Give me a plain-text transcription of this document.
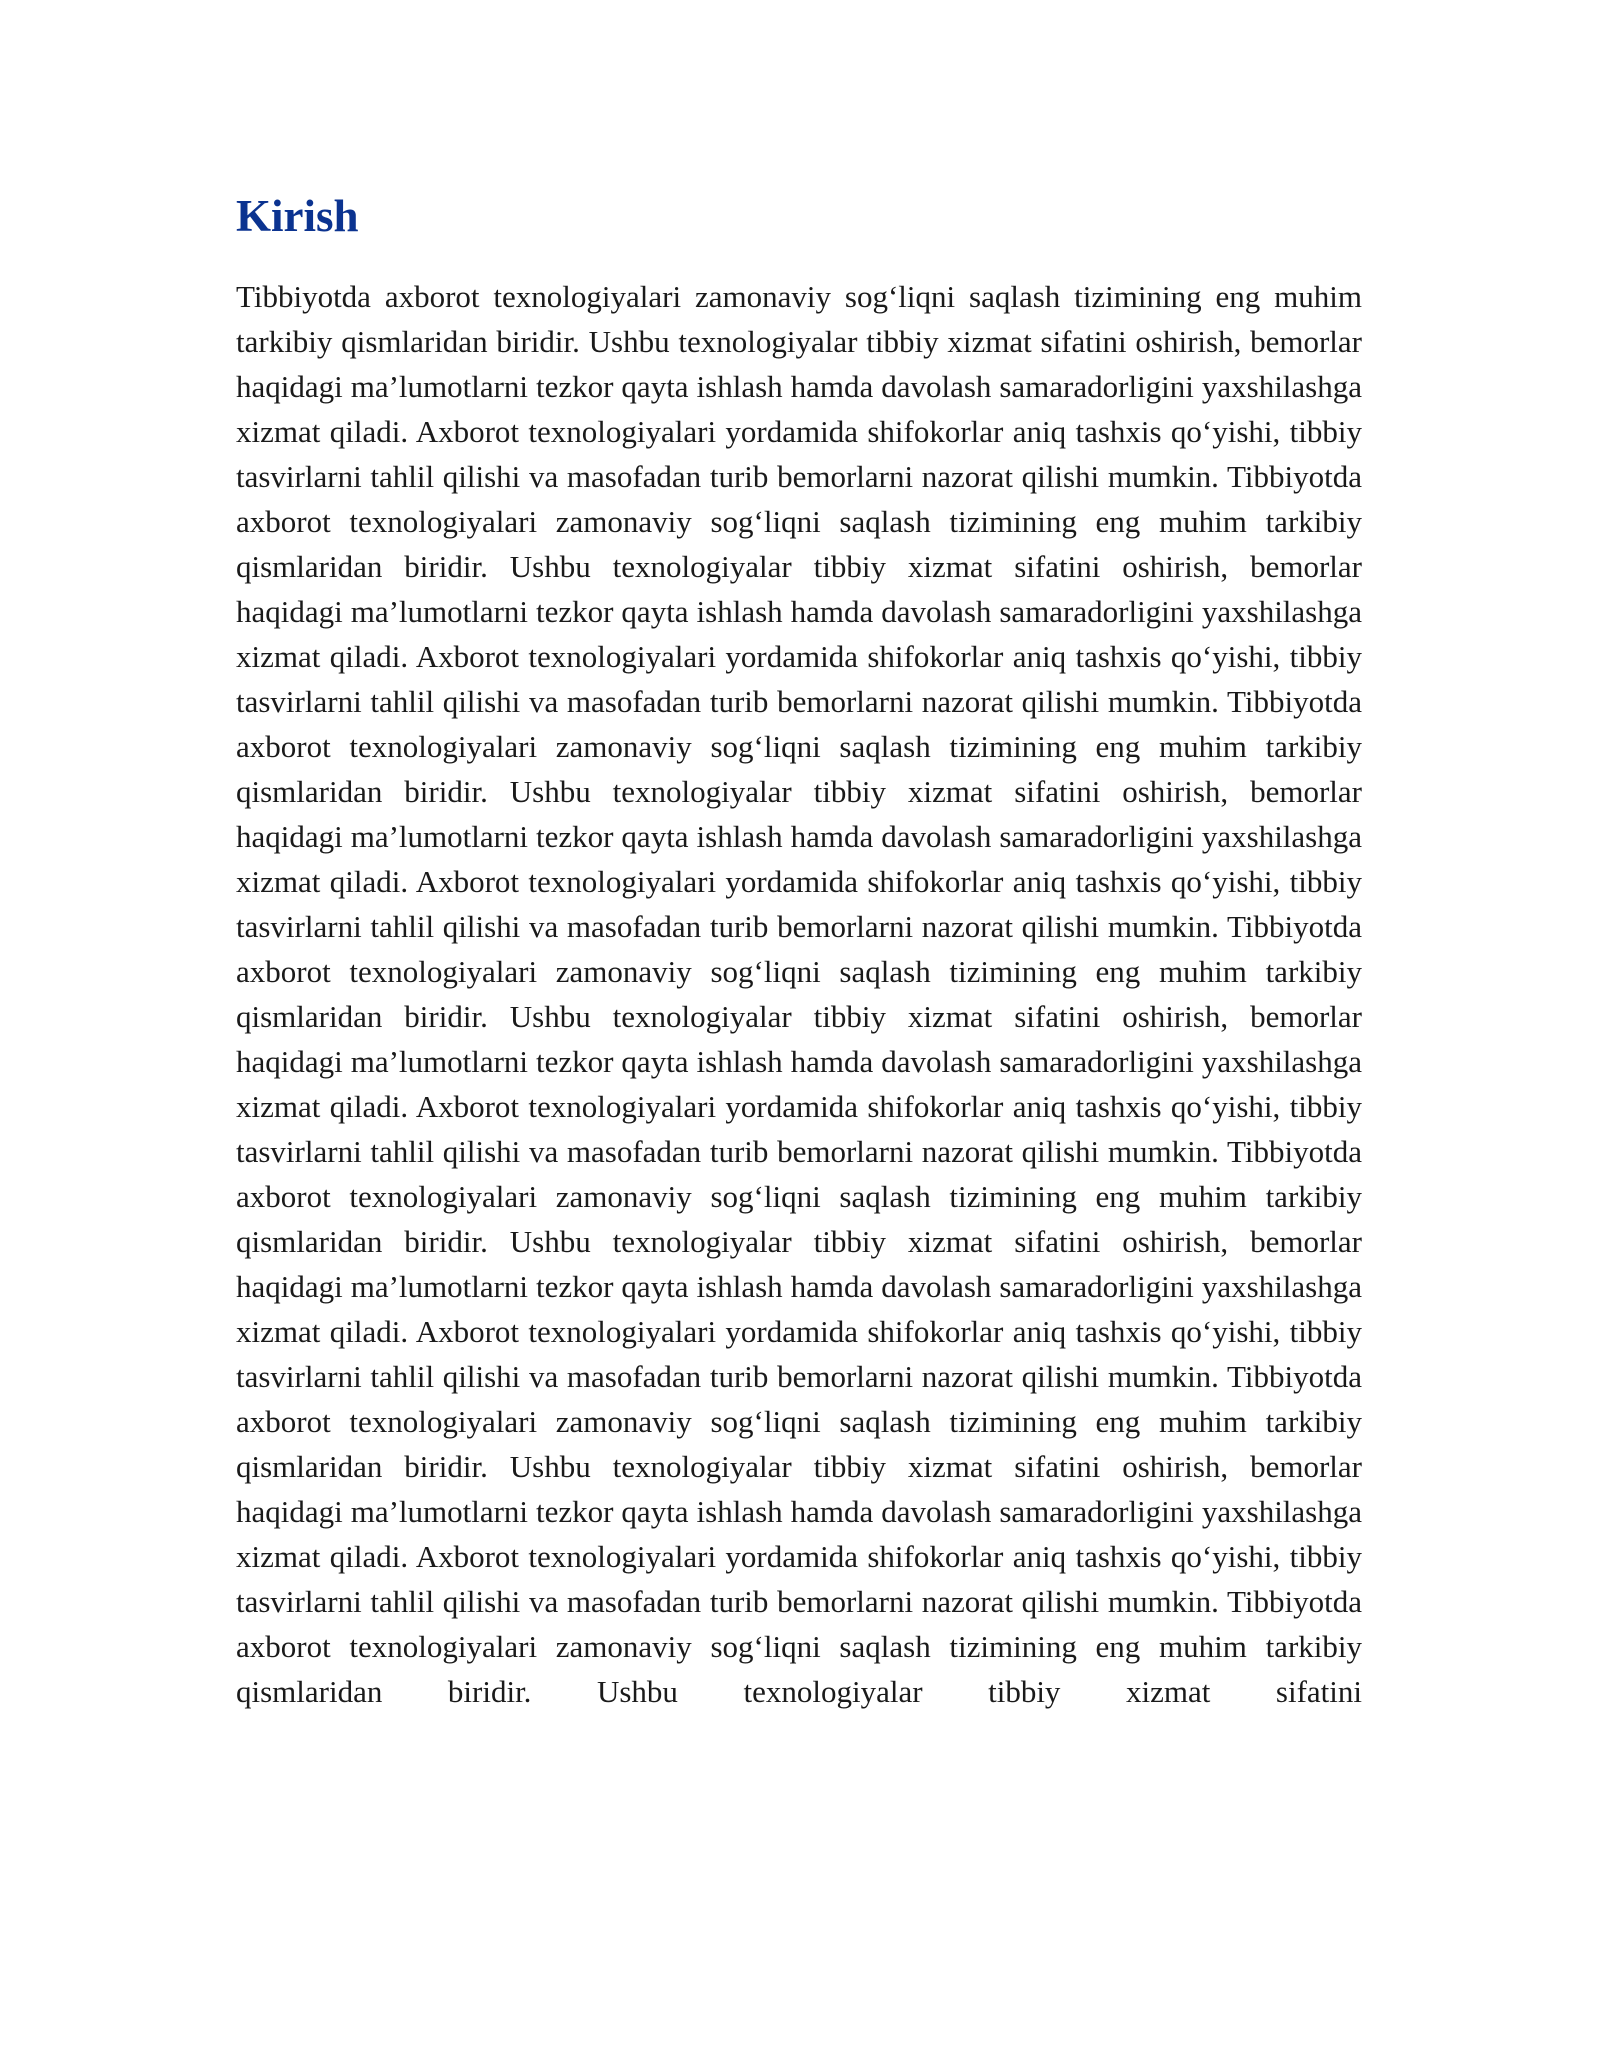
Kirish

Tibbiyotda axborot texnologiyalari zamonaviy sog‘liqni saqlash tizimining eng muhim tarkibiy qismlaridan biridir. Ushbu texnologiyalar tibbiy xizmat sifatini oshirish, bemorlar haqidagi ma’lumotlarni tezkor qayta ishlash hamda davolash samaradorligini yaxshilashga xizmat qiladi. Axborot texnologiyalari yordamida shifokorlar aniq tashxis qo‘yishi, tibbiy tasvirlarni tahlil qilishi va masofadan turib bemorlarni nazorat qilishi mumkin. Tibbiyotda axborot texnologiyalari zamonaviy sog‘liqni saqlash tizimining eng muhim tarkibiy qismlaridan biridir. Ushbu texnologiyalar tibbiy xizmat sifatini oshirish, bemorlar haqidagi ma’lumotlarni tezkor qayta ishlash hamda davolash samaradorligini yaxshilashga xizmat qiladi. Axborot texnologiyalari yordamida shifokorlar aniq tashxis qo‘yishi, tibbiy tasvirlarni tahlil qilishi va masofadan turib bemorlarni nazorat qilishi mumkin. Tibbiyotda axborot texnologiyalari zamonaviy sog‘liqni saqlash tizimining eng muhim tarkibiy qismlaridan biridir. Ushbu texnologiyalar tibbiy xizmat sifatini oshirish, bemorlar haqidagi ma’lumotlarni tezkor qayta ishlash hamda davolash samaradorligini yaxshilashga xizmat qiladi. Axborot texnologiyalari yordamida shifokorlar aniq tashxis qo‘yishi, tibbiy tasvirlarni tahlil qilishi va masofadan turib bemorlarni nazorat qilishi mumkin. Tibbiyotda axborot texnologiyalari zamonaviy sog‘liqni saqlash tizimining eng muhim tarkibiy qismlaridan biridir. Ushbu texnologiyalar tibbiy xizmat sifatini oshirish, bemorlar haqidagi ma’lumotlarni tezkor qayta ishlash hamda davolash samaradorligini yaxshilashga xizmat qiladi. Axborot texnologiyalari yordamida shifokorlar aniq tashxis qo‘yishi, tibbiy tasvirlarni tahlil qilishi va masofadan turib bemorlarni nazorat qilishi mumkin. Tibbiyotda axborot texnologiyalari zamonaviy sog‘liqni saqlash tizimining eng muhim tarkibiy qismlaridan biridir. Ushbu texnologiyalar tibbiy xizmat sifatini oshirish, bemorlar haqidagi ma’lumotlarni tezkor qayta ishlash hamda davolash samaradorligini yaxshilashga xizmat qiladi. Axborot texnologiyalari yordamida shifokorlar aniq tashxis qo‘yishi, tibbiy tasvirlarni tahlil qilishi va masofadan turib bemorlarni nazorat qilishi mumkin. Tibbiyotda axborot texnologiyalari zamonaviy sog‘liqni saqlash tizimining eng muhim tarkibiy qismlaridan biridir. Ushbu texnologiyalar tibbiy xizmat sifatini oshirish, bemorlar haqidagi ma’lumotlarni tezkor qayta ishlash hamda davolash samaradorligini yaxshilashga xizmat qiladi. Axborot texnologiyalari yordamida shifokorlar aniq tashxis qo‘yishi, tibbiy tasvirlarni tahlil qilishi va masofadan turib bemorlarni nazorat qilishi mumkin. Tibbiyotda axborot texnologiyalari zamonaviy sog‘liqni saqlash tizimining eng muhim tarkibiy qismlaridan biridir. Ushbu texnologiyalar tibbiy xizmat sifatini
